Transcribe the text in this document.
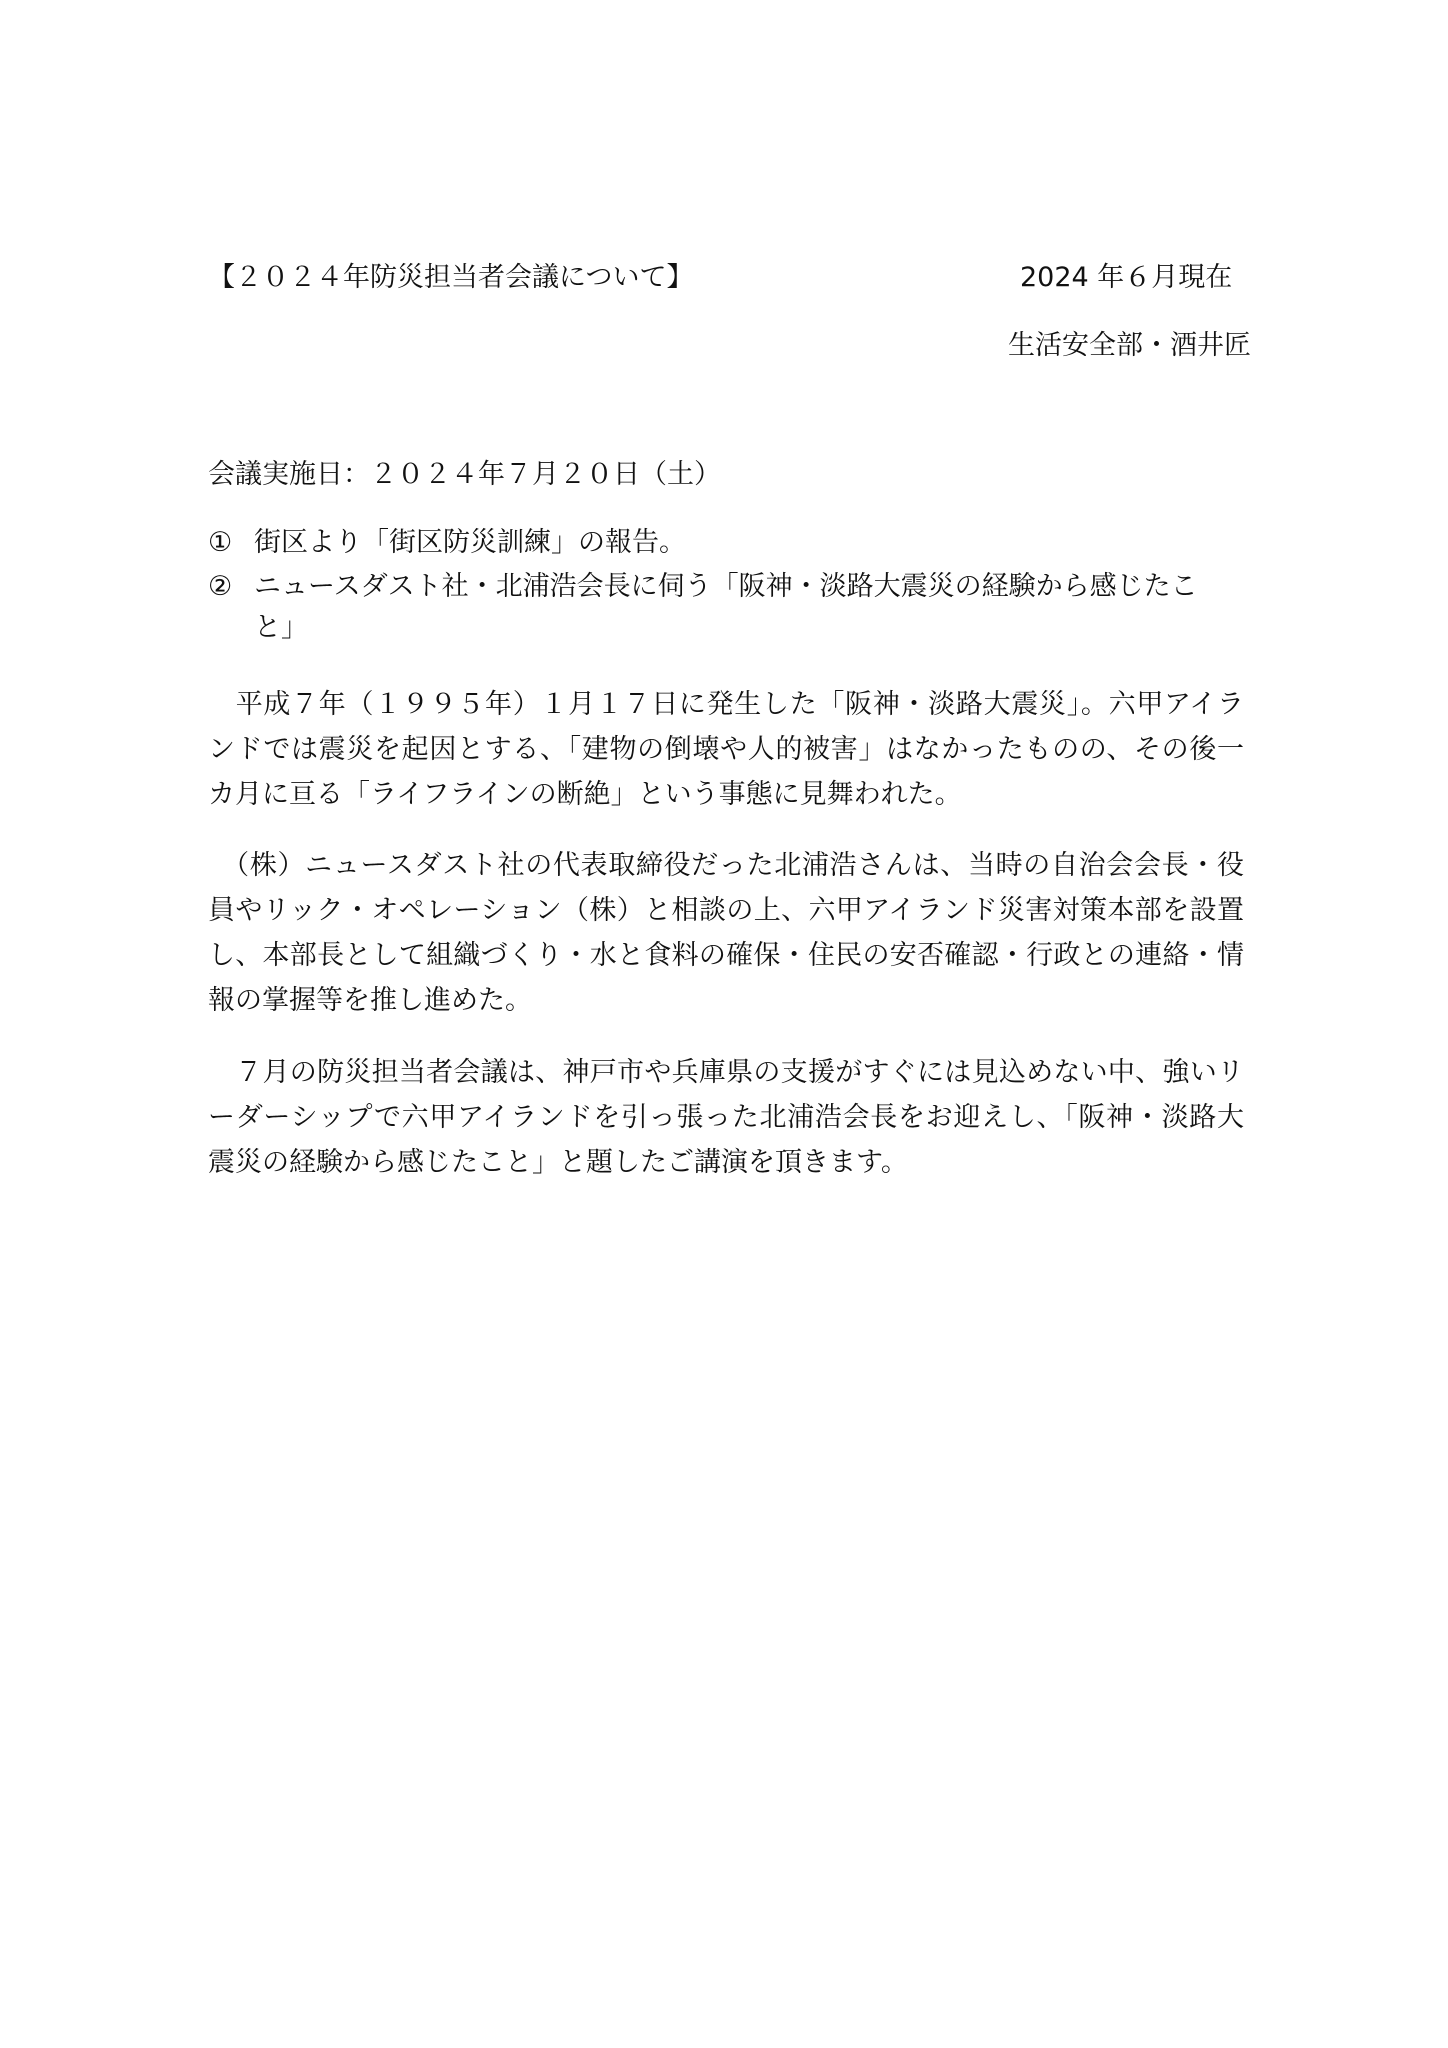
【２０２４年防災担当者会議について】	2024 年６月現在
生活安全部・酒井匠
会議実施日：２０２４年７月２０日（土）
① 街区より「街区防災訓練」の報告。
② ニュースダスト社・北浦浩会長に伺う「阪神・淡路大震災の経験から感じたこと」

　平成７年（１９９５年）１月１７日に発生した「阪神・淡路大震災」。六甲アイランドでは震災を起因とする、「建物の倒壊や人的被害」はなかったものの、その後一カ月に亘る「ライフラインの断絶」という事態に見舞われた。

　（株）ニュースダスト社の代表取締役だった北浦浩さんは、当時の自治会会長・役員やリック・オペレーション（株）と相談の上、六甲アイランド災害対策本部を設置し、本部長として組織づくり・水と食料の確保・住民の安否確認・行政との連絡・情報の掌握等を推し進めた。

　７月の防災担当者会議は、神戸市や兵庫県の支援がすぐには見込めない中、強いリーダーシップで六甲アイランドを引っ張った北浦浩会長をお迎えし、「阪神・淡路大震災の経験から感じたこと」と題したご講演を頂きます。
